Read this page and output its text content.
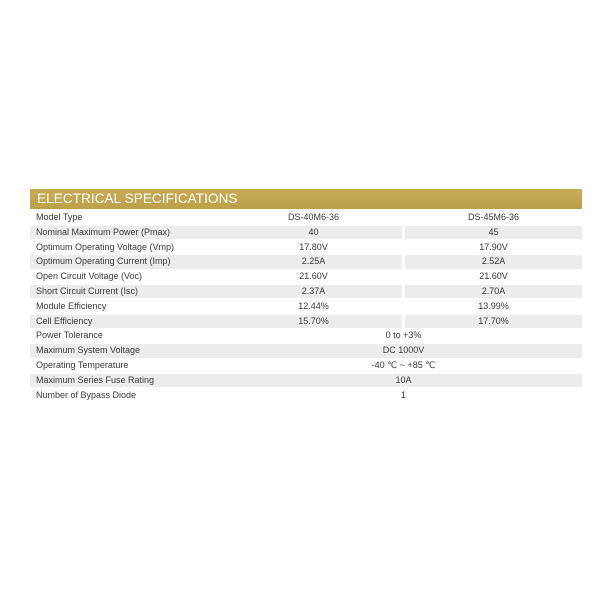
ELECTRICAL SPECIFICATIONS
Model Type	DS-40M6-36	DS-45M6-36
Nominal Maximum Power (Pmax)	40	45
Optimum Operating Voltage (Vmp)	17.80V	17.90V
Optimum Operating Current (Imp)	2.25A	2.52A
Open Circuit Voltage (Voc)	21.60V	21.60V
Short Circuit Current (Isc)	2.37A	2.70A
Module Efficiency	12.44%	13.99%
Cell Efficiency	15.70%	17.70%
Power Tolerance	0 to +3%
Maximum System Voltage	DC 1000V
Operating Temperature	-40 ℃ ~ +85 ℃
Maximum Series Fuse Rating	10A
Number of Bypass Diode	1
